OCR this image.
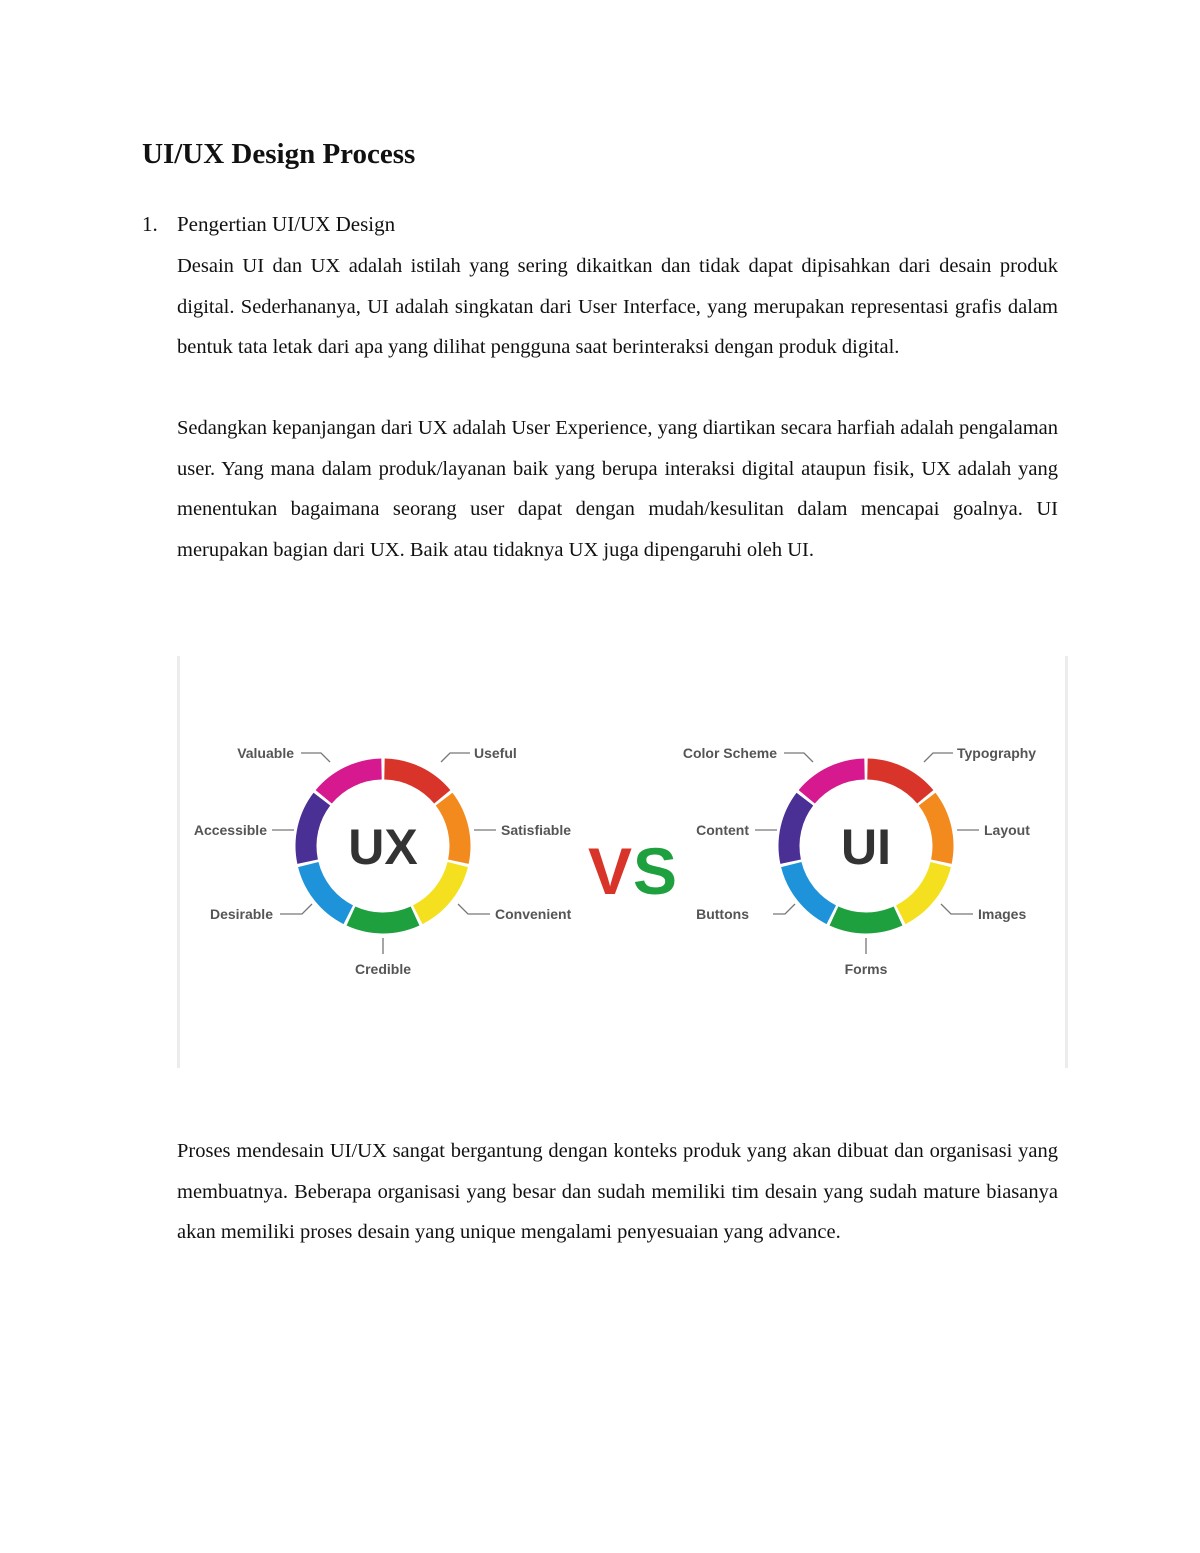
UI/UX Design Process
1. Pengertian UI/UX Design

Desain UI dan UX adalah istilah yang sering dikaitkan dan tidak dapat dipisahkan dari desain produk digital. Sederhananya, UI adalah singkatan dari User Interface, yang merupakan representasi grafis dalam bentuk tata letak dari apa yang dilihat pengguna saat berinteraksi dengan produk digital.

Sedangkan kepanjangan dari UX adalah User Experience, yang diartikan secara harfiah adalah pengalaman user. Yang mana dalam produk/layanan baik yang berupa interaksi digital ataupun fisik, UX adalah yang menentukan bagaimana seorang user dapat dengan mudah/kesulitan dalam mencapai goalnya. UI merupakan bagian dari UX. Baik atau tidaknya UX juga dipengaruhi oleh UI.

UX
Valuable	Useful
Accessible	Satisfiable
Desirable	Convenient
Credible
V S	UI
Color Scheme	Typography
Content	Layout
Buttons	Images
Forms

Proses mendesain UI/UX sangat bergantung dengan konteks produk yang akan dibuat dan organisasi yang membuatnya. Beberapa organisasi yang besar dan sudah memiliki tim desain yang sudah mature biasanya akan memiliki proses desain yang unique mengalami penyesuaian yang advance.
